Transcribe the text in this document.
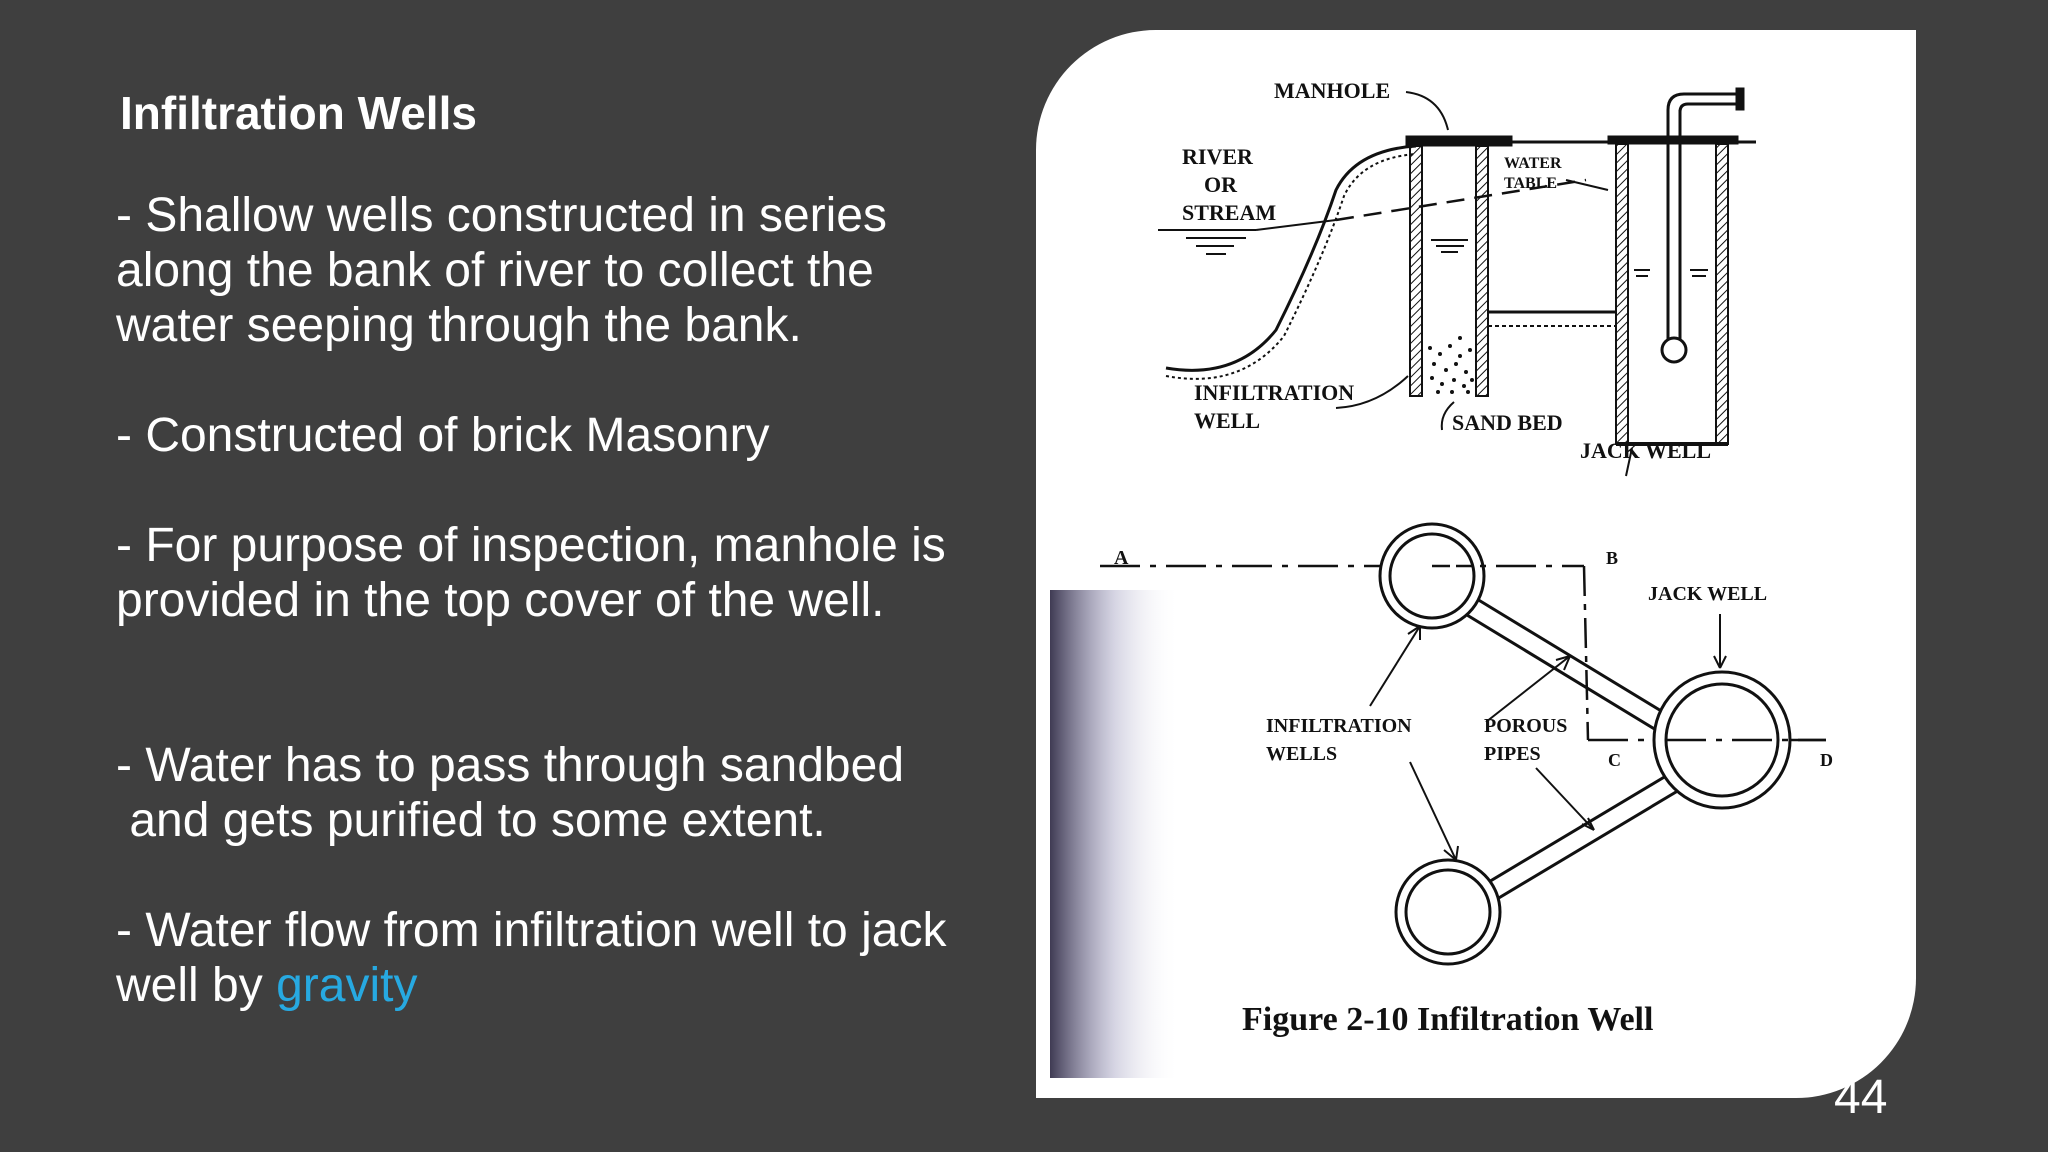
Infiltration Wells

- Shallow wells constructed in series
along the bank of river to collect the
water seeping through the bank.

- Constructed of brick Masonry

- For purpose of inspection, manhole is
provided in the top cover of the well.

- Water has to pass through sandbed
and gets purified to some extent.

- Water flow from infiltration well to jack
well by gravity

MANHOLE
RIVER
OR
STREAM
WATER
TABLE
INFILTRATION
WELL	SAND BED
JACK WELL
A	B
C	D
JACK WELL
INFILTRATION
WELLS
POROUS
PIPES
Figure 2-10 Infiltration Well
44
